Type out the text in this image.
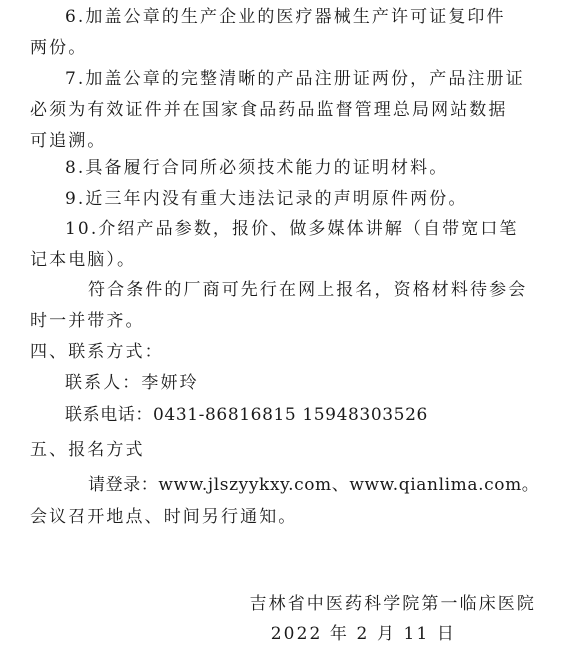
6.加盖公章的生产企业的医疗器械生产许可证复印件
两份。
7.加盖公章的完整清晰的产品注册证两份，产品注册证
必须为有效证件并在国家食品药品监督管理总局网站数据
可追溯。
8.具备履行合同所必须技术能力的证明材料。
9.近三年内没有重大违法记录的声明原件两份。
10.介绍产品参数，报价、做多媒体讲解（自带宽口笔
记本电脑）。
符合条件的厂商可先行在网上报名，资格材料待参会
时一并带齐。
四、联系方式：
联系人：李妍玲
联系电话：0431-86816815 15948303526
五、报名方式
请登录：www.jlszyykxy.com、www.qianlima.com。
会议召开地点、时间另行通知。
吉林省中医药科学院第一临床医院
2022 年 2 月 11 日
